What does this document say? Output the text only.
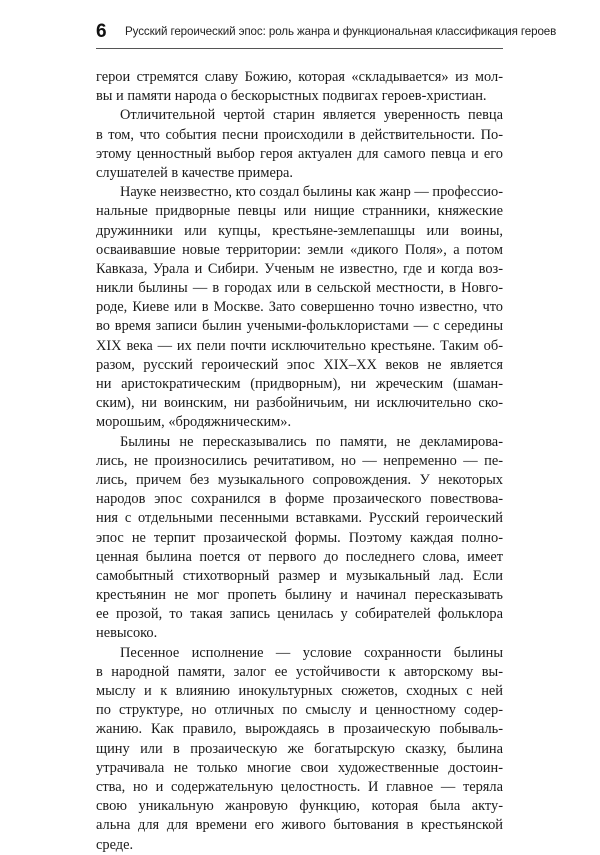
6 Русский героический эпос: роль жанра и функциональная классификация героев

герои стремятся славу Божию, которая «складывается» из мол-
вы и памяти народа о бескорыстных подвигах героев-христиан.

Отличительной чертой старин является уверенность певца
в том, что события песни происходили в действительности. По-
этому ценностный выбор героя актуален для самого певца и его
слушателей в качестве примера.

Науке неизвестно, кто создал былины как жанр — профессио-
нальные придворные певцы или нищие странники, княжеские
дружинники или купцы, крестьяне-землепашцы или воины,
осваивавшие новые территории: земли «дикого Поля», а потом
Кавказа, Урала и Сибири. Ученым не известно, где и когда воз-
никли былины — в городах или в сельской местности, в Новго-
роде, Киеве или в Москве. Зато совершенно точно известно, что
во время записи былин учеными-фольклористами — с середины
XIX века — их пели почти исключительно крестьяне. Таким об-
разом, русский героический эпос XIX–XX веков не является
ни аристократическим (придворным), ни жреческим (шаман-
ским), ни воинским, ни разбойничьим, ни исключительно ско-
морошьим, «бродяжническим».

Былины не пересказывались по памяти, не декламирова-
лись, не произносились речитативом, но — непременно — пе-
лись, причем без музыкального сопровождения. У некоторых
народов эпос сохранился в форме прозаического повествова-
ния с отдельными песенными вставками. Русский героический
эпос не терпит прозаической формы. Поэтому каждая полно-
ценная былина поется от первого до последнего слова, имеет
самобытный стихотворный размер и музыкальный лад. Если
крестьянин не мог пропеть былину и начинал пересказывать
ее прозой, то такая запись ценилась у собирателей фольклора
невысоко.

Песенное исполнение — условие сохранности былины
в народной памяти, залог ее устойчивости к авторскому вы-
мыслу и к влиянию инокультурных сюжетов, сходных с ней
по структуре, но отличных по смыслу и ценностному содер-
жанию. Как правило, вырождаясь в прозаическую побываль-
щину или в прозаическую же богатырскую сказку, былина
утрачивала не только многие свои художественные достоин-
ства, но и содержательную целостность. И главное — теряла
свою уникальную жанровую функцию, которая была акту-
альна для для времени его живого бытования в крестьянской
среде.
